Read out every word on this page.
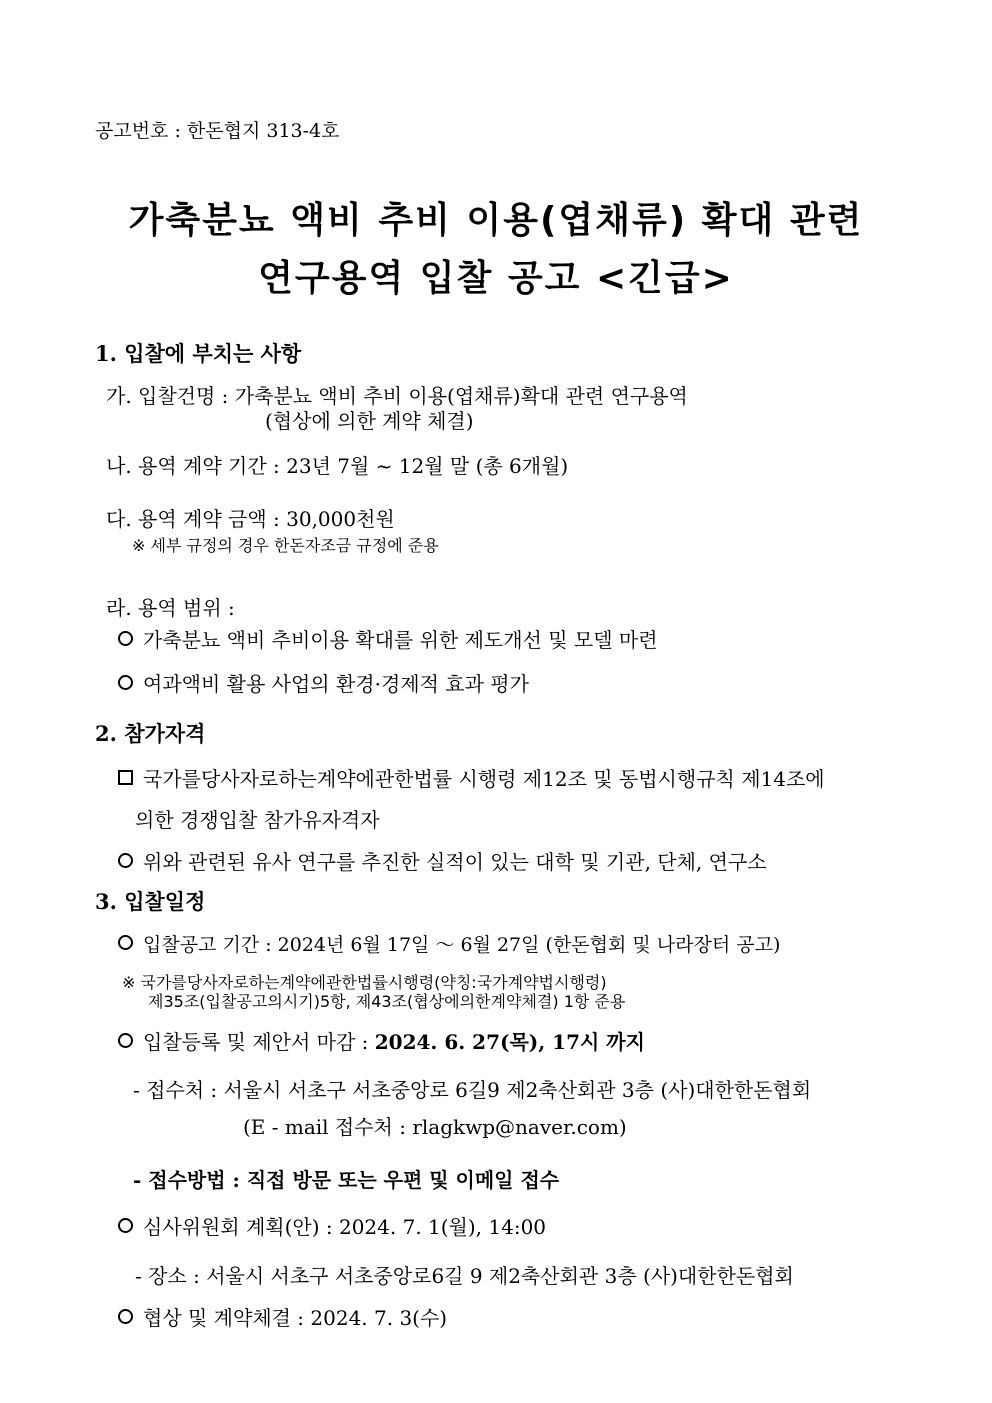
공고번호 : 한돈협지 313-4호
가축분뇨 액비 추비 이용(엽채류) 확대 관련
연구용역 입찰 공고 <긴급>
1. 입찰에 부치는 사항
가. 입찰건명 : 가축분뇨 액비 추비 이용(엽채류)확대 관련 연구용역
(협상에 의한 계약 체결)
나. 용역 계약 기간 : 23년 7월 ~ 12월 말 (총 6개월)
다. 용역 계약 금액 : 30,000천원
※ 세부 규정의 경우 한돈자조금 규정에 준용
라. 용역 범위 :
가축분뇨 액비 추비이용 확대를 위한 제도개선 및 모델 마련
여과액비 활용 사업의 환경·경제적 효과 평가
2. 참가자격
국가를당사자로하는계약에관한법률 시행령 제12조 및 동법시행규칙 제14조에
의한 경쟁입찰 참가유자격자
위와 관련된 유사 연구를 추진한 실적이 있는 대학 및 기관, 단체, 연구소
3. 입찰일정
입찰공고 기간 : 2024년 6월 17일 ～ 6월 27일 (한돈협회 및 나라장터 공고)
※ 국가를당사자로하는계약에관한법률시행령(약칭:국가계약법시행령)
제35조(입찰공고의시기)5항, 제43조(협상에의한계약체결) 1항 준용
입찰등록 및 제안서 마감 : 2024. 6. 27(목), 17시 까지
- 접수처 : 서울시 서초구 서초중앙로 6길9 제2축산회관 3층 (사)대한한돈협회
(E - mail 접수처 : rlagkwp@naver.com)
- 접수방법 : 직접 방문 또는 우편 및 이메일 접수
심사위원회 계획(안) : 2024. 7. 1(월), 14:00
- 장소 : 서울시 서초구 서초중앙로6길 9 제2축산회관 3층 (사)대한한돈협회
협상 및 계약체결 : 2024. 7. 3(수)
